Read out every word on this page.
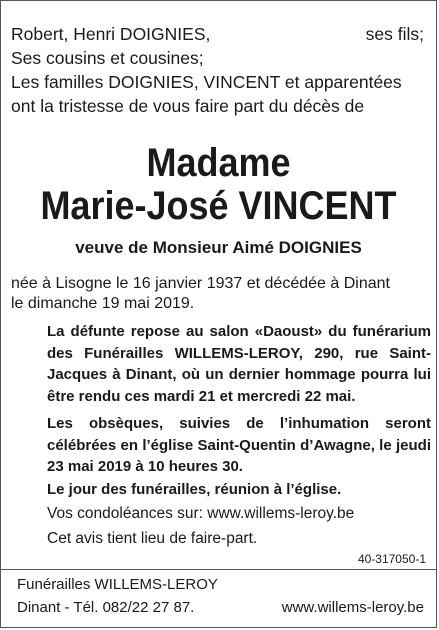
Robert, Henri DOIGNIES,	ses fils;
Ses cousins et cousines;
Les familles DOIGNIES, VINCENT et apparentées
ont la tristesse de vous faire part du décès de
Madame
Marie-José VINCENT
veuve de Monsieur Aimé DOIGNIES
née à Lisogne le 16 janvier 1937 et décédée à Dinant
le dimanche 19 mai 2019.
La défunte repose au salon «Daoust» du funérarium des Funérailles WILLEMS-LEROY, 290, rue Saint-Jacques à Dinant, où un dernier hommage pourra lui être rendu ces mardi 21 et mercredi 22 mai.
Les obsèques, suivies de l’inhumation seront célébrées en l’église Saint-Quentin d’Awagne, le jeudi 23 mai 2019 à 10 heures 30.
Le jour des funérailles, réunion à l’église.
Vos condoléances sur: www.willems-leroy.be
Cet avis tient lieu de faire-part.
40-317050-1
Funérailles WILLEMS-LEROY
Dinant - Tél. 082/22 27 87.	www.willems-leroy.be
